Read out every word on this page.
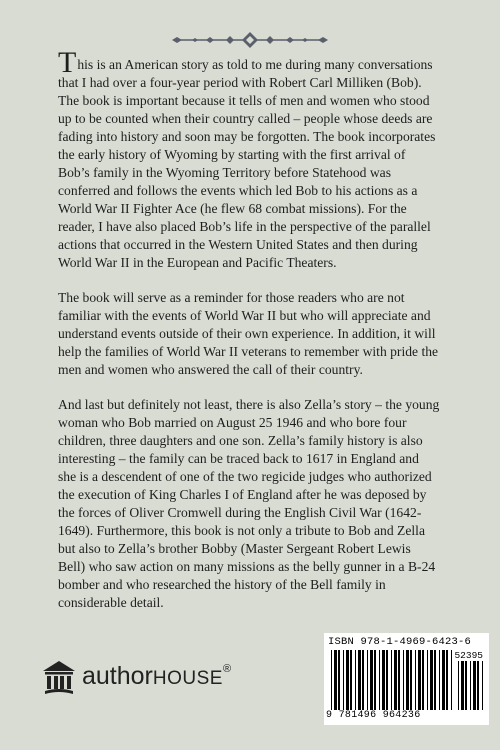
This is an American story as told to me during many conversations that I had over a four-year period with Robert Carl Milliken (Bob). The book is important because it tells of men and women who stood up to be counted when their country called – people whose deeds are fading into history and soon may be forgotten. The book incorporates the early history of Wyoming by starting with the first arrival of Bob’s family in the Wyoming Territory before Statehood was conferred and follows the events which led Bob to his actions as a World War II Fighter Ace (he flew 68 combat missions). For the reader, I have also placed Bob’s life in the perspective of the parallel actions that occurred in the Western United States and then during World War II in the European and Pacific Theaters.

The book will serve as a reminder for those readers who are not familiar with the events of World War II but who will appreciate and understand events outside of their own experience. In addition, it will help the families of World War II veterans to remember with pride the men and women who answered the call of their country.

And last but definitely not least, there is also Zella’s story – the young woman who Bob married on August 25 1946 and who bore four children, three daughters and one son. Zella’s family history is also interesting – the family can be traced back to 1617 in England and she is a descendent of one of the two regicide judges who authorized the execution of King Charles I of England after he was deposed by the forces of Oliver Cromwell during the English Civil War (1642-1649). Furthermore, this book is not only a tribute to Bob and Zella but also to Zella’s brother Bobby (Master Sergeant Robert Lewis Bell) who saw action on many missions as the belly gunner in a B-24 bomber and who researched the history of the Bell family in considerable detail.

authorHOUSE®
ISBN 978-1-4969-6423-6
52395
9 781496 964236
